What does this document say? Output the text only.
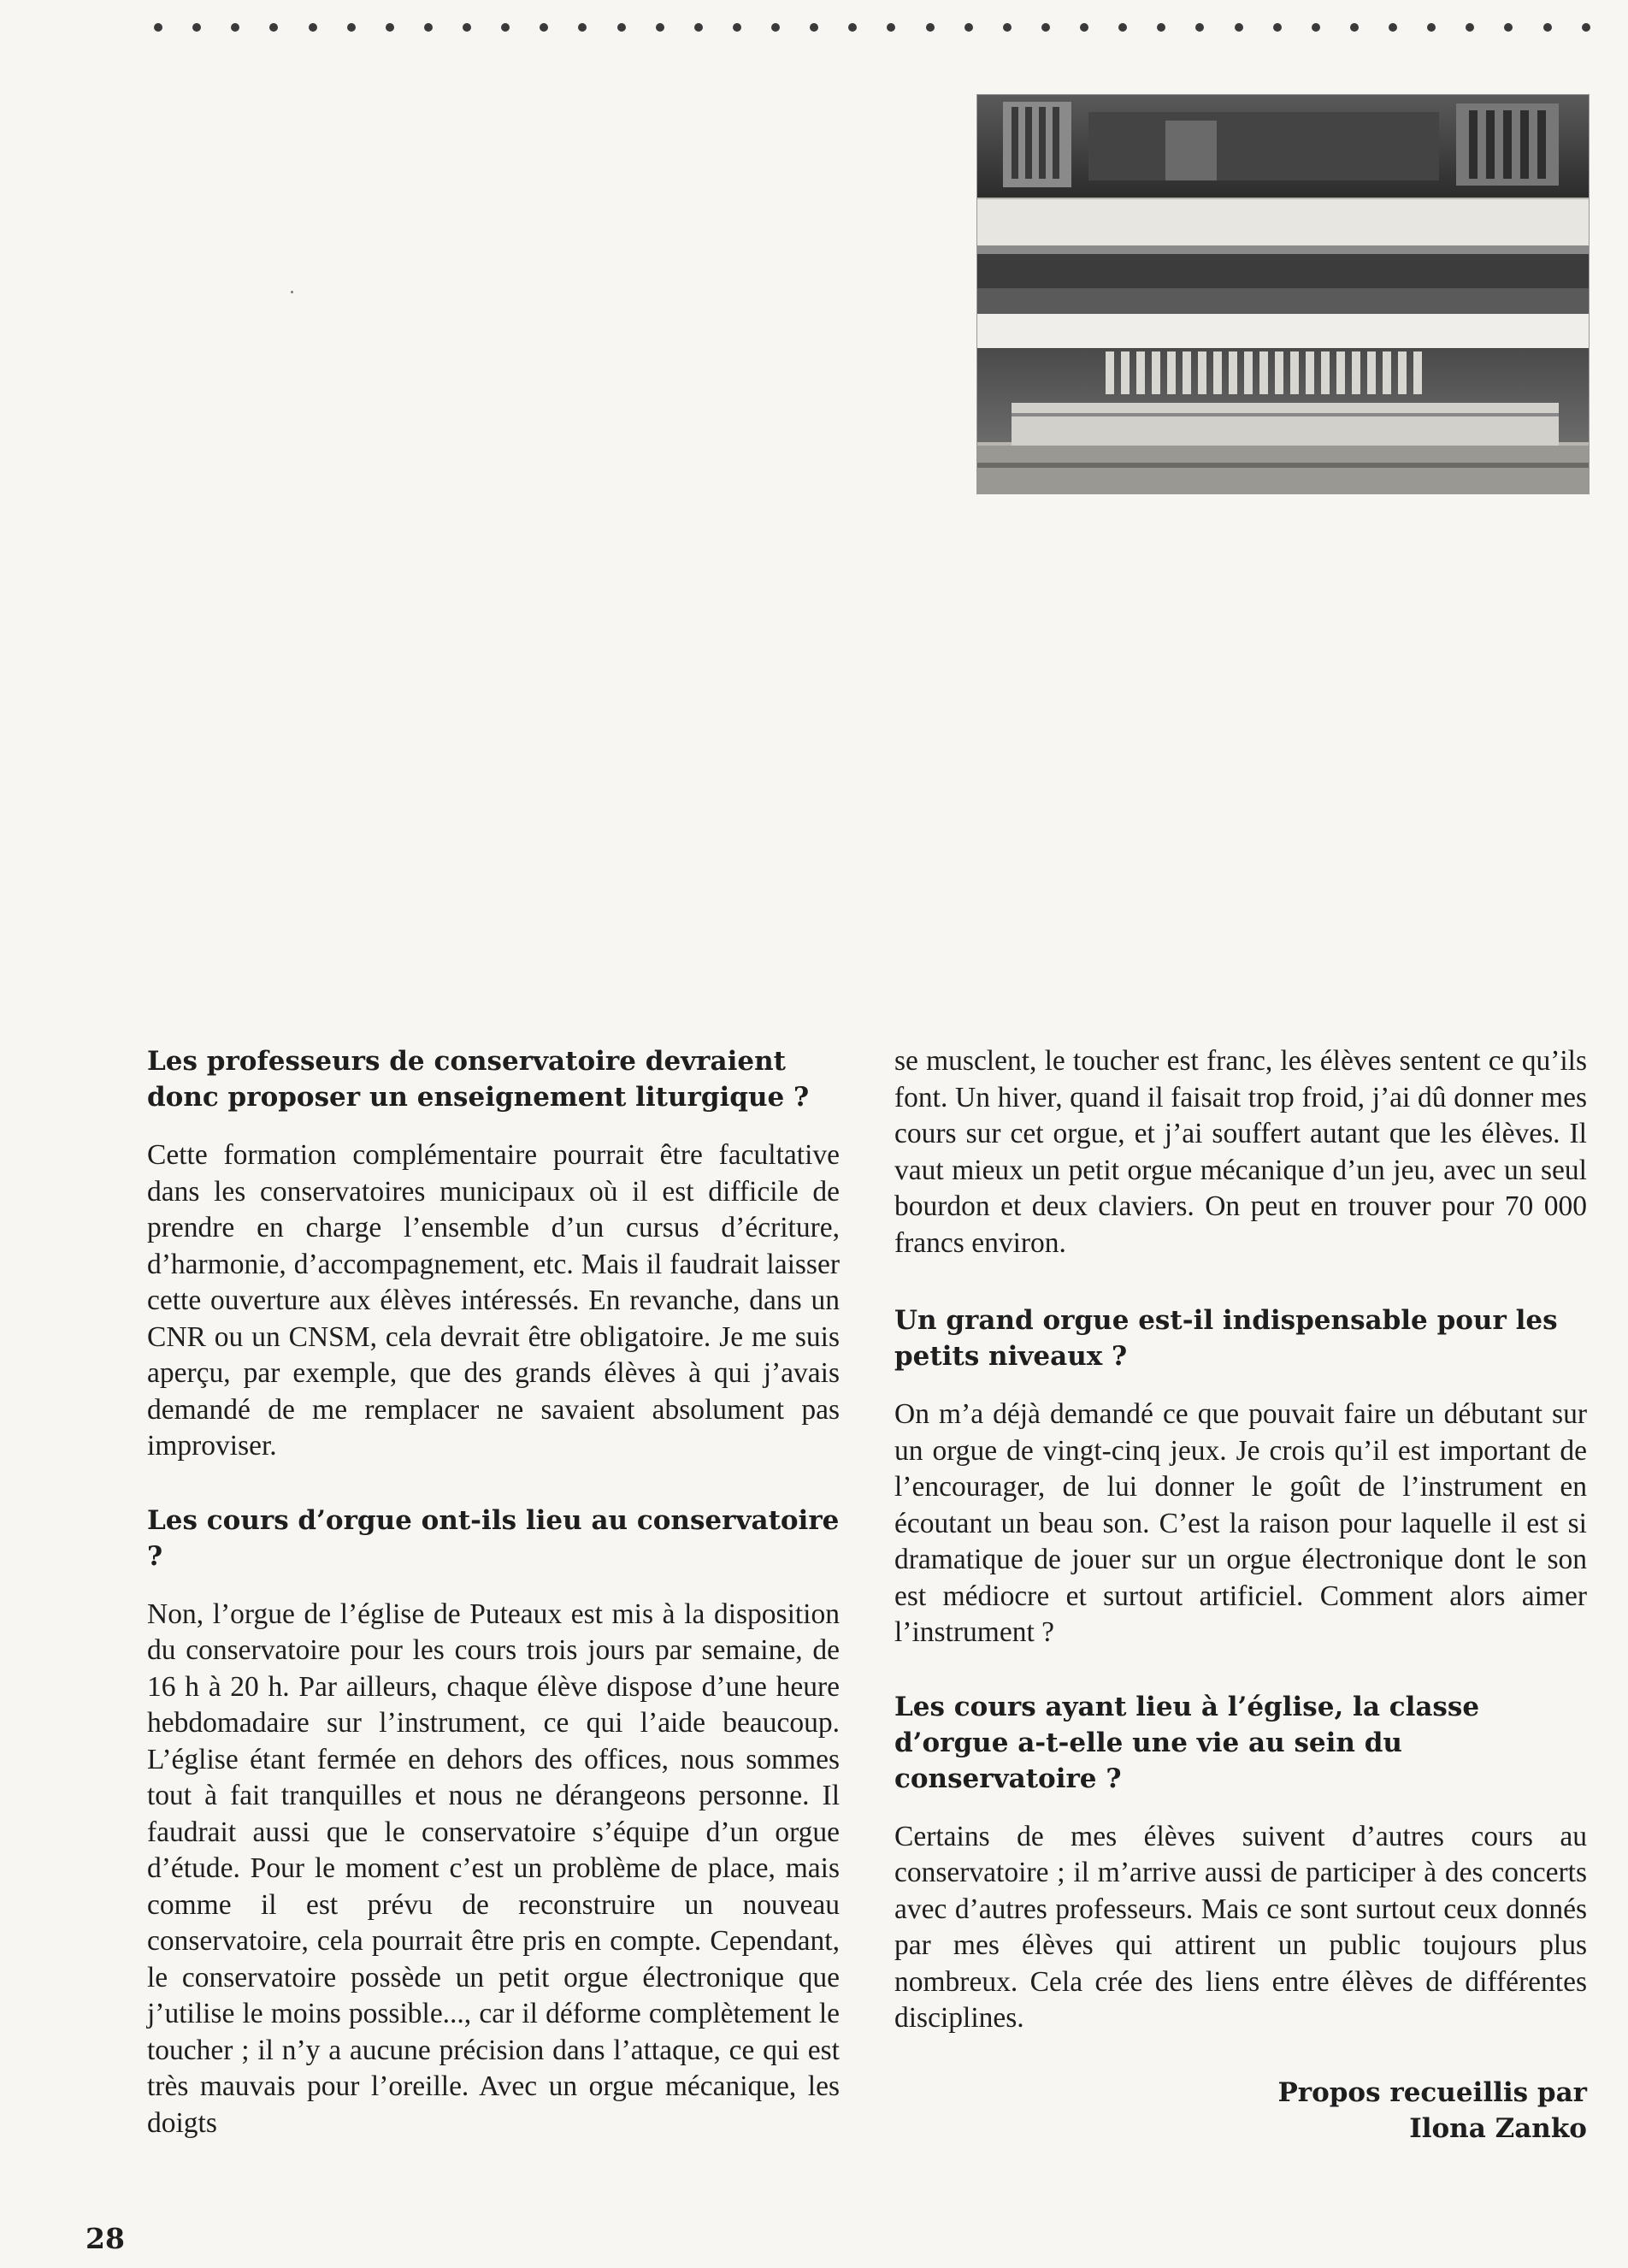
Les professeurs de conservatoire devraient donc proposer un enseignement liturgique ?
Cette formation complémentaire pourrait être facultative dans les conservatoires municipaux où il est difficile de prendre en charge l’ensemble d’un cursus d’écriture, d’harmonie, d’accompagnement, etc. Mais il faudrait laisser cette ouverture aux élèves intéressés. En revanche, dans un CNR ou un CNSM, cela devrait être obligatoire. Je me suis aperçu, par exemple, que des grands élèves à qui j’avais demandé de me remplacer ne savaient absolument pas improviser.
Les cours d’orgue ont-ils lieu au conservatoire ?
Non, l’orgue de l’église de Puteaux est mis à la disposition du conservatoire pour les cours trois jours par semaine, de 16 h à 20 h. Par ailleurs, chaque élève dispose d’une heure hebdomadaire sur l’instrument, ce qui l’aide beaucoup. L’église étant fermée en dehors des offices, nous sommes tout à fait tranquilles et nous ne dérangeons personne. Il faudrait aussi que le conservatoire s’équipe d’un orgue d’étude. Pour le moment c’est un problème de place, mais comme il est prévu de reconstruire un nouveau conservatoire, cela pourrait être pris en compte. Cependant, le conservatoire possède un petit orgue électronique que j’utilise le moins possible..., car il déforme complètement le toucher ; il n’y a aucune précision dans l’attaque, ce qui est très mauvais pour l’oreille. Avec un orgue mécanique, les doigts
se musclent, le toucher est franc, les élèves sentent ce qu’ils font. Un hiver, quand il faisait trop froid, j’ai dû donner mes cours sur cet orgue, et j’ai souffert autant que les élèves. Il vaut mieux un petit orgue mécanique d’un jeu, avec un seul bourdon et deux claviers. On peut en trouver pour 70 000 francs environ.
Un grand orgue est-il indispensable pour les petits niveaux ?
On m’a déjà demandé ce que pouvait faire un débutant sur un orgue de vingt-cinq jeux. Je crois qu’il est important de l’encourager, de lui donner le goût de l’instrument en écoutant un beau son. C’est la raison pour laquelle il est si dramatique de jouer sur un orgue électronique dont le son est médiocre et surtout artificiel. Comment alors aimer l’instrument ?
Les cours ayant lieu à l’église, la classe d’orgue a-t-elle une vie au sein du conservatoire ?
Certains de mes élèves suivent d’autres cours au conservatoire ; il m’arrive aussi de participer à des concerts avec d’autres professeurs. Mais ce sont surtout ceux donnés par mes élèves qui attirent un public toujours plus nombreux. Cela crée des liens entre élèves de différentes disciplines.
Propos recueillis par
Ilona Zanko
28
